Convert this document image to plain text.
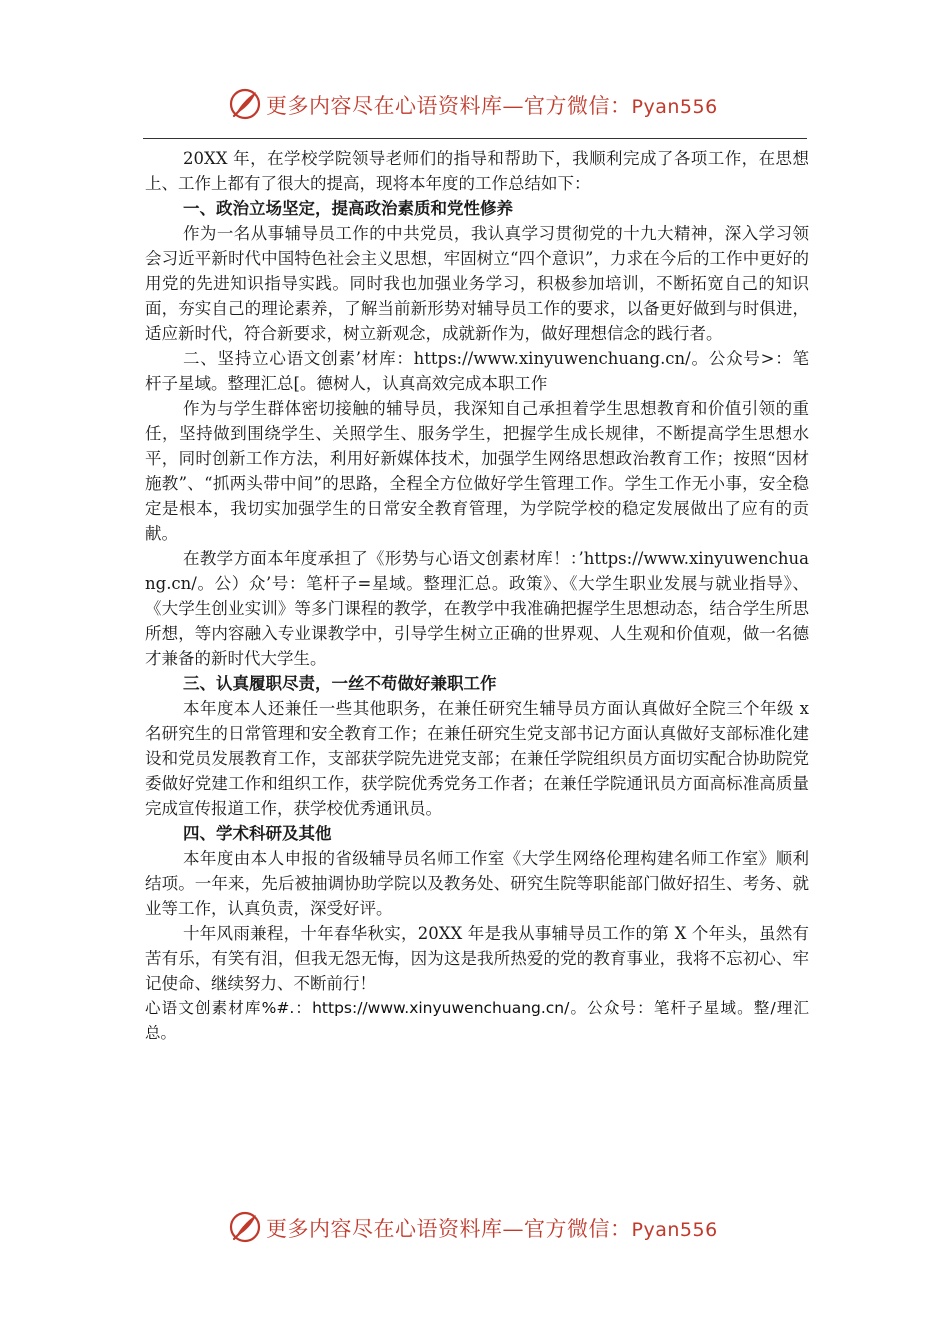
更多内容尽在心语资料库—官方微信：Pyan556

20XX 年，在学校学院领导老师们的指导和帮助下，我顺利完成了各项工作，在思想上、工作上都有了很大的提高，现将本年度的工作总结如下：

一、政治立场坚定，提高政治素质和党性修养

作为一名从事辅导员工作的中共党员，我认真学习贯彻党的十九大精神，深入学习领会习近平新时代中国特色社会主义思想，牢固树立“四个意识”，力求在今后的工作中更好的用党的先进知识指导实践。同时我也加强业务学习，积极参加培训，不断拓宽自己的知识面，夯实自己的理论素养，了解当前新形势对辅导员工作的要求，以备更好做到与时俱进，适应新时代，符合新要求，树立新观念，成就新作为，做好理想信念的践行者。

二、坚持立心语文创素’材库：https://www.xinyuwenchuang.cn/。公众号>：笔杆子星域。整理汇总[。德树人，认真高效完成本职工作

作为与学生群体密切接触的辅导员，我深知自己承担着学生思想教育和价值引领的重任，坚持做到围绕学生、关照学生、服务学生，把握学生成长规律，不断提高学生思想水平，同时创新工作方法，利用好新媒体技术，加强学生网络思想政治教育工作；按照“因材施教”、“抓两头带中间”的思路，全程全方位做好学生管理工作。学生工作无小事，安全稳定是根本，我切实加强学生的日常安全教育管理，为学院学校的稳定发展做出了应有的贡献。

在教学方面本年度承担了《形势与心语文创素材库！：’https://www.xinyuwenchuang.cn/。公）众’号：笔杆子=星域。整理汇总。政策》、《大学生职业发展与就业指导》、《大学生创业实训》等多门课程的教学，在教学中我准确把握学生思想动态，结合学生所思所想，等内容融入专业课教学中，引导学生树立正确的世界观、人生观和价值观，做一名德才兼备的新时代大学生。

三、认真履职尽责，一丝不苟做好兼职工作

本年度本人还兼任一些其他职务，在兼任研究生辅导员方面认真做好全院三个年级 x 名研究生的日常管理和安全教育工作；在兼任研究生党支部书记方面认真做好支部标准化建设和党员发展教育工作，支部获学院先进党支部；在兼任学院组织员方面切实配合协助院党委做好党建工作和组织工作，获学院优秀党务工作者；在兼任学院通讯员方面高标准高质量完成宣传报道工作，获学校优秀通讯员。

四、学术科研及其他

本年度由本人申报的省级辅导员名师工作室《大学生网络伦理构建名师工作室》顺利结项。一年来，先后被抽调协助学院以及教务处、研究生院等职能部门做好招生、考务、就业等工作，认真负责，深受好评。

十年风雨兼程，十年春华秋实，20XX 年是我从事辅导员工作的第 X 个年头，虽然有苦有乐，有笑有泪，但我无怨无悔，因为这是我所热爱的党的教育事业，我将不忘初心、牢记使命、继续努力、不断前行！

心语文创素材库%#.：https://www.xinyuwenchuang.cn/。公众号：笔杆子星域。整/理汇总。

更多内容尽在心语资料库—官方微信：Pyan556
